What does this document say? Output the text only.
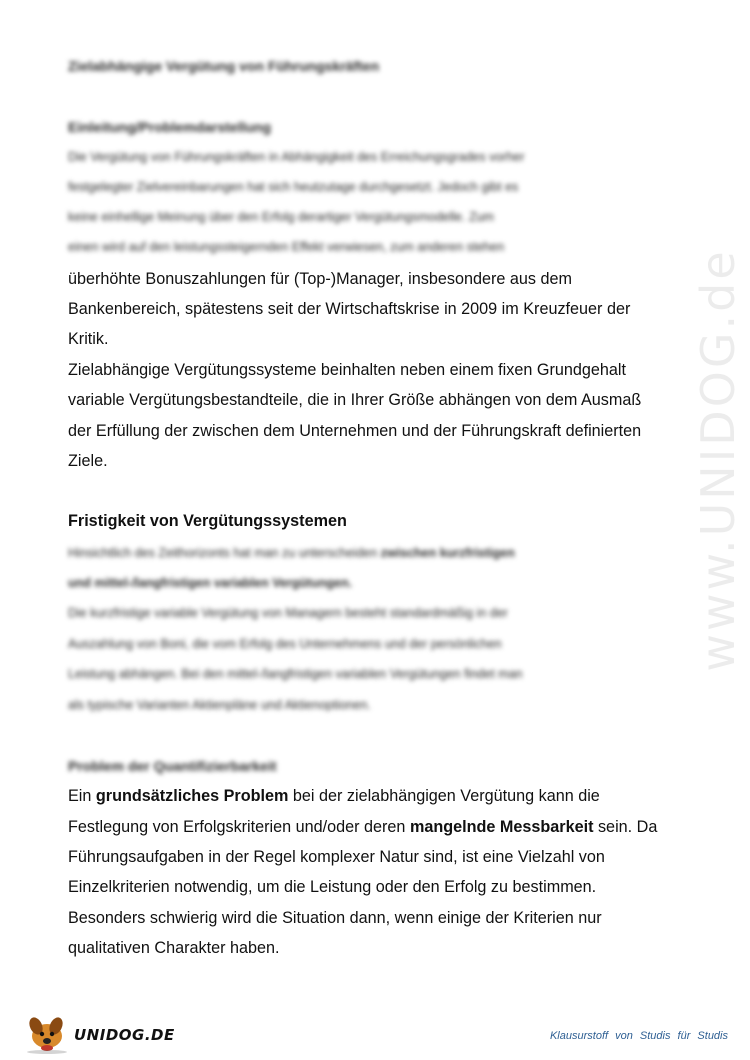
www.UNIDOG.de
Zielabhängige Vergütung von Führungskräften
Einleitung/Problemdarstellung
Die Vergütung von Führungskräften in Abhängigkeit des Erreichungsgrades vorher
festgelegter Zielvereinbarungen hat sich heutzutage durchgesetzt. Jedoch gibt es
keine einhellige Meinung über den Erfolg derartiger Vergütungsmodelle. Zum
einen wird auf den leistungssteigernden Effekt verwiesen, zum anderen stehen
überhöhte Bonuszahlungen für (Top-)Manager, insbesondere aus dem
Bankenbereich, spätestens seit der Wirtschaftskrise in 2009 im Kreuzfeuer der
Kritik.
Zielabhängige Vergütungssysteme beinhalten neben einem fixen Grundgehalt
variable Vergütungsbestandteile, die in Ihrer Größe abhängen von dem Ausmaß
der Erfüllung der zwischen dem Unternehmen und der Führungskraft definierten
Ziele.
Fristigkeit von Vergütungssystemen
Hinsichtlich des Zeithorizonts hat man zu unterscheiden zwischen kurzfristigen
und mittel-/langfristigen variablen Vergütungen.
Die kurzfristige variable Vergütung von Managern besteht standardmäßig in der
Auszahlung von Boni, die vom Erfolg des Unternehmens und der persönlichen
Leistung abhängen. Bei den mittel-/langfristigen variablen Vergütungen findet man
als typische Varianten Aktienpläne und Aktienoptionen.
Problem der Quantifizierbarkeit
Ein grundsätzliches Problem bei der zielabhängigen Vergütung kann die
Festlegung von Erfolgskriterien und/oder deren mangelnde Messbarkeit sein. Da
Führungsaufgaben in der Regel komplexer Natur sind, ist eine Vielzahl von
Einzelkriterien notwendig, um die Leistung oder den Erfolg zu bestimmen.
Besonders schwierig wird die Situation dann, wenn einige der Kriterien nur
qualitativen Charakter haben.
UNIDOG.DE	Klausurstoff von Studis für Studis
